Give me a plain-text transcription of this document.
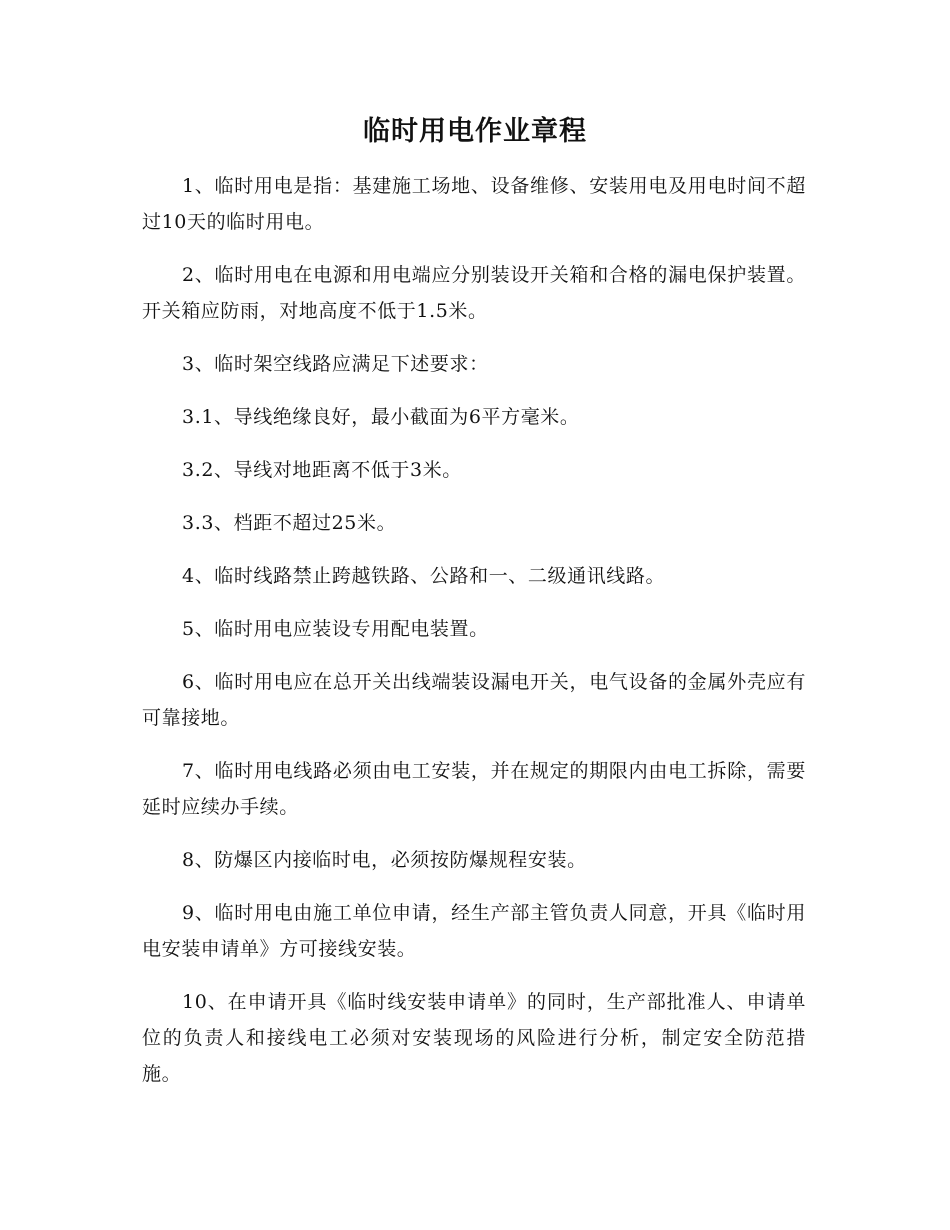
临时用电作业章程

1、临时用电是指：基建施工场地、设备维修、安装用电及用电时间不超过10天的临时用电。

2、临时用电在电源和用电端应分别装设开关箱和合格的漏电保护装置。开关箱应防雨，对地高度不低于1.5米。

3、临时架空线路应满足下述要求：

3.1、导线绝缘良好，最小截面为6平方毫米。

3.2、导线对地距离不低于3米。

3.3、档距不超过25米。

4、临时线路禁止跨越铁路、公路和一、二级通讯线路。

5、临时用电应装设专用配电装置。

6、临时用电应在总开关出线端装设漏电开关，电气设备的金属外壳应有可靠接地。

7、临时用电线路必须由电工安装，并在规定的期限内由电工拆除，需要延时应续办手续。

8、防爆区内接临时电，必须按防爆规程安装。

9、临时用电由施工单位申请，经生产部主管负责人同意，开具《临时用电安装申请单》方可接线安装。

10、在申请开具《临时线安装申请单》的同时，生产部批准人、申请单位的负责人和接线电工必须对安装现场的风险进行分析，制定安全防范措施。
